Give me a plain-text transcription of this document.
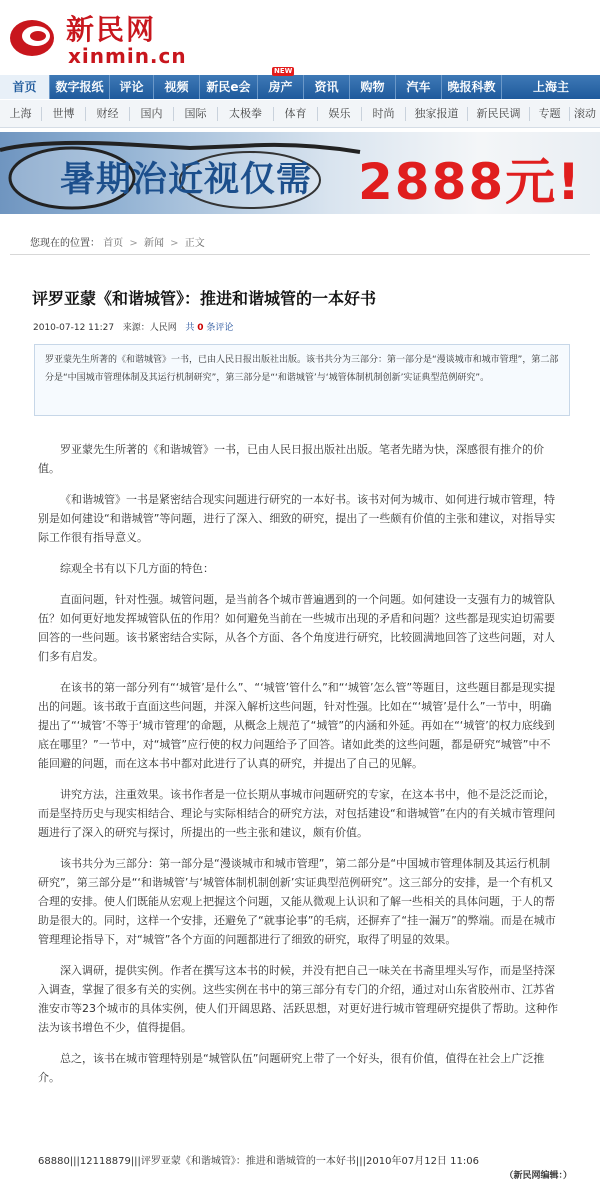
新民网
xinmin.cn
首页	数字报纸	评论	视频	新民e会
NEW
房产	资讯	购物	汽车	晚报科教	上海主
上海	世博	财经	国内	国际	太极拳	体育	娱乐	时尚	独家报道	新民民调	专题	滚动
暑期治近视仅需 2888元!
您现在的位置： 首页 > 新闻 > 正文
评罗亚蒙《和谐城管》：推进和谐城管的一本好书
2010-07-12 11:27 来源：人民网 共 0 条评论
罗亚蒙先生所著的《和谐城管》一书，已由人民日报出版社出版。该书共分为三部分：第一部分是“漫谈城市和城市管理”，第二部分是“中国城市管理体制及其运行机制研究”，第三部分是“‘和谐城管’与‘城管体制机制创新’实证典型范例研究”。

罗亚蒙先生所著的《和谐城管》一书，已由人民日报出版社出版。笔者先睹为快，深感很有推介的价值。

《和谐城管》一书是紧密结合现实问题进行研究的一本好书。该书对何为城市、如何进行城市管理，特别是如何建设“和谐城管”等问题，进行了深入、细致的研究，提出了一些颇有价值的主张和建议，对指导实际工作很有指导意义。

综观全书有以下几方面的特色：

直面问题，针对性强。城管问题，是当前各个城市普遍遇到的一个问题。如何建设一支强有力的城管队伍？如何更好地发挥城管队伍的作用？如何避免当前在一些城市出现的矛盾和问题？这些都是现实迫切需要回答的一些问题。该书紧密结合实际，从各个方面、各个角度进行研究，比较圆满地回答了这些问题，对人们多有启发。

在该书的第一部分列有“‘城管’是什么”、“‘城管’管什么”和“‘城管’怎么管”等题目，这些题目都是现实提出的问题。该书敢于直面这些问题，并深入解析这些问题，针对性强。比如在“‘城管’是什么”一节中，明确提出了“‘城管’不等于‘城市管理’的命题，从概念上规范了“城管”的内涵和外延。再如在“‘城管’的权力底线到底在哪里？”一节中，对“城管”应行使的权力问题给予了回答。诸如此类的这些问题，都是研究“城管”中不能回避的问题，而在这本书中都对此进行了认真的研究，并提出了自己的见解。

讲究方法，注重效果。该书作者是一位长期从事城市问题研究的专家，在这本书中，他不是泛泛而论，而是坚持历史与现实相结合、理论与实际相结合的研究方法，对包括建设“和谐城管”在内的有关城市管理问题进行了深入的研究与探讨，所提出的一些主张和建议，颇有价值。

该书共分为三部分：第一部分是“漫谈城市和城市管理”，第二部分是“中国城市管理体制及其运行机制研究”，第三部分是“‘和谐城管’与‘城管体制机制创新’实证典型范例研究”。这三部分的安排，是一个有机又合理的安排。使人们既能从宏观上把握这个问题，又能从微观上认识和了解一些相关的具体问题，于人的帮助是很大的。同时，这样一个安排，还避免了“就事论事”的毛病，还摒弃了“挂一漏万”的弊端。而是在城市管理理论指导下，对“城管”各个方面的问题都进行了细致的研究，取得了明显的效果。

深入调研，提供实例。作者在撰写这本书的时候，并没有把自己一味关在书斋里埋头写作，而是坚持深入调查，掌握了很多有关的实例。这些实例在书中的第三部分有专门的介绍，通过对山东省胶州市、江苏省淮安市等23个城市的具体实例，使人们开阔思路、活跃思想，对更好进行城市管理研究提供了帮助。这种作法为该书增色不少，值得提倡。

总之，该书在城市管理特别是“城管队伍”问题研究上带了一个好头，很有价值，值得在社会上广泛推介。

68880|||12118879|||评罗亚蒙《和谐城管》：推进和谐城管的一本好书|||2010年07月12日 11:06
（新民网编辑：）
